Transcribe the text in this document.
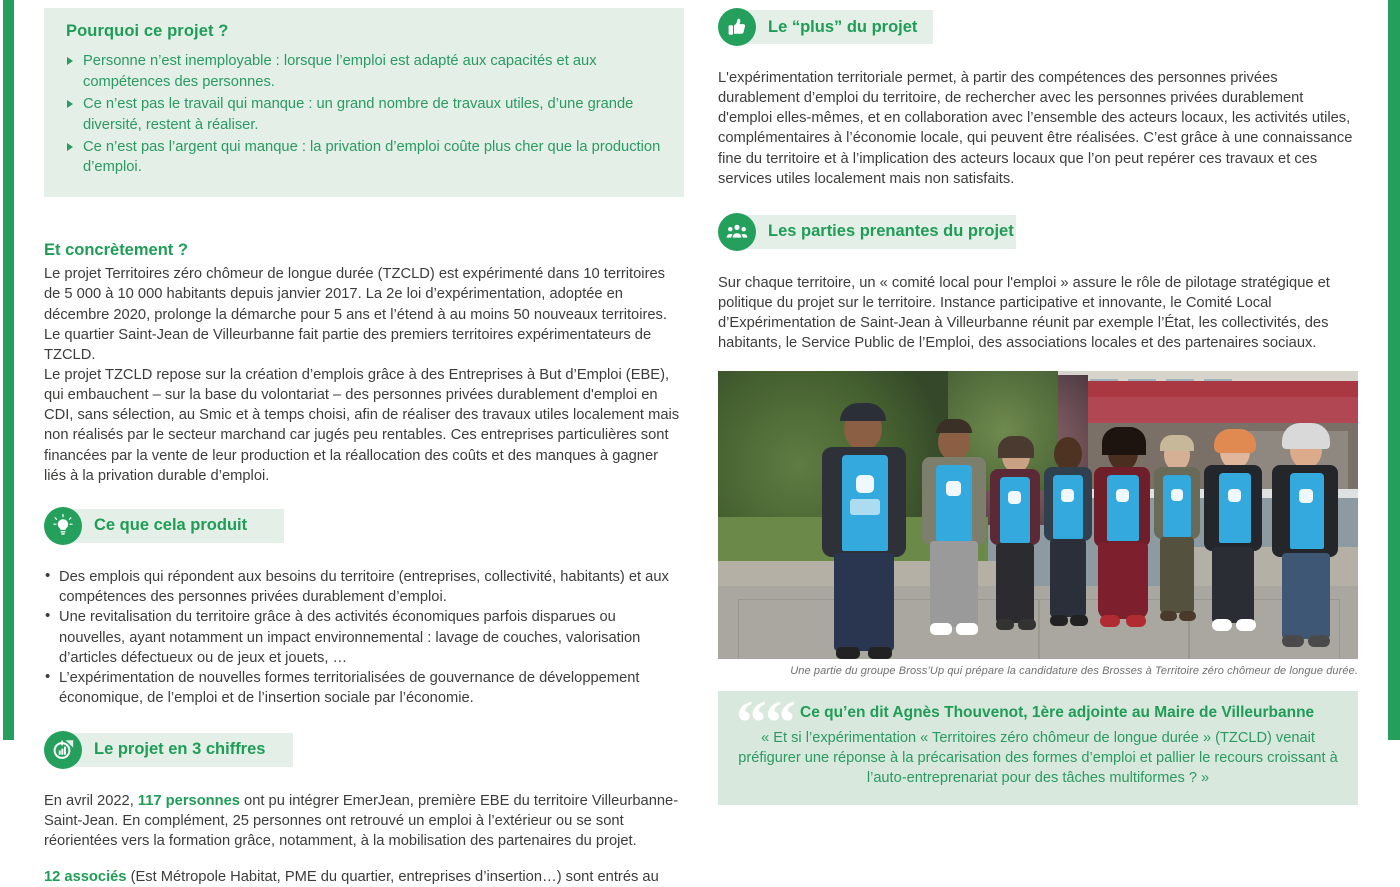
Pourquoi ce projet ?
Personne n’est inemployable : lorsque l’emploi est adapté aux capacités et aux compétences des personnes.
Ce n’est pas le travail qui manque : un grand nombre de travaux utiles, d’une grande diversité, restent à réaliser.
Ce n’est pas l’argent qui manque : la privation d’emploi coûte plus cher que la production d’emploi.
Et concrètement ?

Le projet Territoires zéro chômeur de longue durée (TZCLD) est expérimenté dans 10 territoires de 5 000 à 10 000 habitants depuis janvier 2017. La 2e loi d’expérimentation, adoptée en décembre 2020, prolonge la démarche pour 5 ans et l’étend à au moins 50 nouveaux territoires. Le quartier Saint-Jean de Villeurbanne fait partie des premiers territoires expérimentateurs de TZCLD.

Le projet TZCLD repose sur la création d’emplois grâce à des Entreprises à But d’Emploi (EBE), qui embauchent – sur la base du volontariat – des personnes privées durablement d'emploi en CDI, sans sélection, au Smic et à temps choisi, afin de réaliser des travaux utiles localement mais non réalisés par le secteur marchand car jugés peu rentables. Ces entreprises particulières sont financées par la vente de leur production et la réallocation des coûts et des manques à gagner liés à la privation durable d’emploi.

Ce que cela produit
• Des emplois qui répondent aux besoins du territoire (entreprises, collectivité, habitants) et aux compétences des personnes privées durablement d’emploi.
• Une revitalisation du territoire grâce à des activités économiques parfois disparues ou nouvelles, ayant notamment un impact environnemental : lavage de couches, valorisation d’articles défectueux ou de jeux et jouets, …
• L’expérimentation de nouvelles formes territorialisées de gouvernance de développement économique, de l’emploi et de l’insertion sociale par l’économie.
Le projet en 3 chiffres

En avril 2022, 117 personnes ont pu intégrer EmerJean, première EBE du territoire Villeurbanne-Saint-Jean. En complément, 25 personnes ont retrouvé un emploi à l’extérieur ou se sont réorientées vers la formation grâce, notamment, à la mobilisation des partenaires du projet.

12 associés (Est Métropole Habitat, PME du quartier, entreprises d’insertion…) sont entrés au

Le “plus” du projet

L'expérimentation territoriale permet, à partir des compétences des personnes privées durablement d’emploi du territoire, de rechercher avec les personnes privées durablement d'emploi elles-mêmes, et en collaboration avec l’ensemble des acteurs locaux, les activités utiles, complémentaires à l’économie locale, qui peuvent être réalisées. C’est grâce à une connaissance fine du territoire et à l’implication des acteurs locaux que l’on peut repérer ces travaux et ces services utiles localement mais non satisfaits.

Les parties prenantes du projet

Sur chaque territoire, un « comité local pour l'emploi » assure le rôle de pilotage stratégique et politique du projet sur le territoire. Instance participative et innovante, le Comité Local d’Expérimentation de Saint-Jean à Villeurbanne réunit par exemple l’État, les collectivités, des habitants, le Service Public de l’Emploi, des associations locales et des partenaires sociaux.

Une partie du groupe Bross’Up qui prépare la candidature des Brosses à Territoire zéro chômeur de longue durée.
““ Ce qu’en dit Agnès Thouvenot, 1ère adjointe au Maire de Villeurbanne

« Et si l’expérimentation « Territoires zéro chômeur de longue durée » (TZCLD) venait préfigurer une réponse à la précarisation des formes d’emploi et pallier le recours croissant à l’auto-entreprenariat pour des tâches multiformes ? »
